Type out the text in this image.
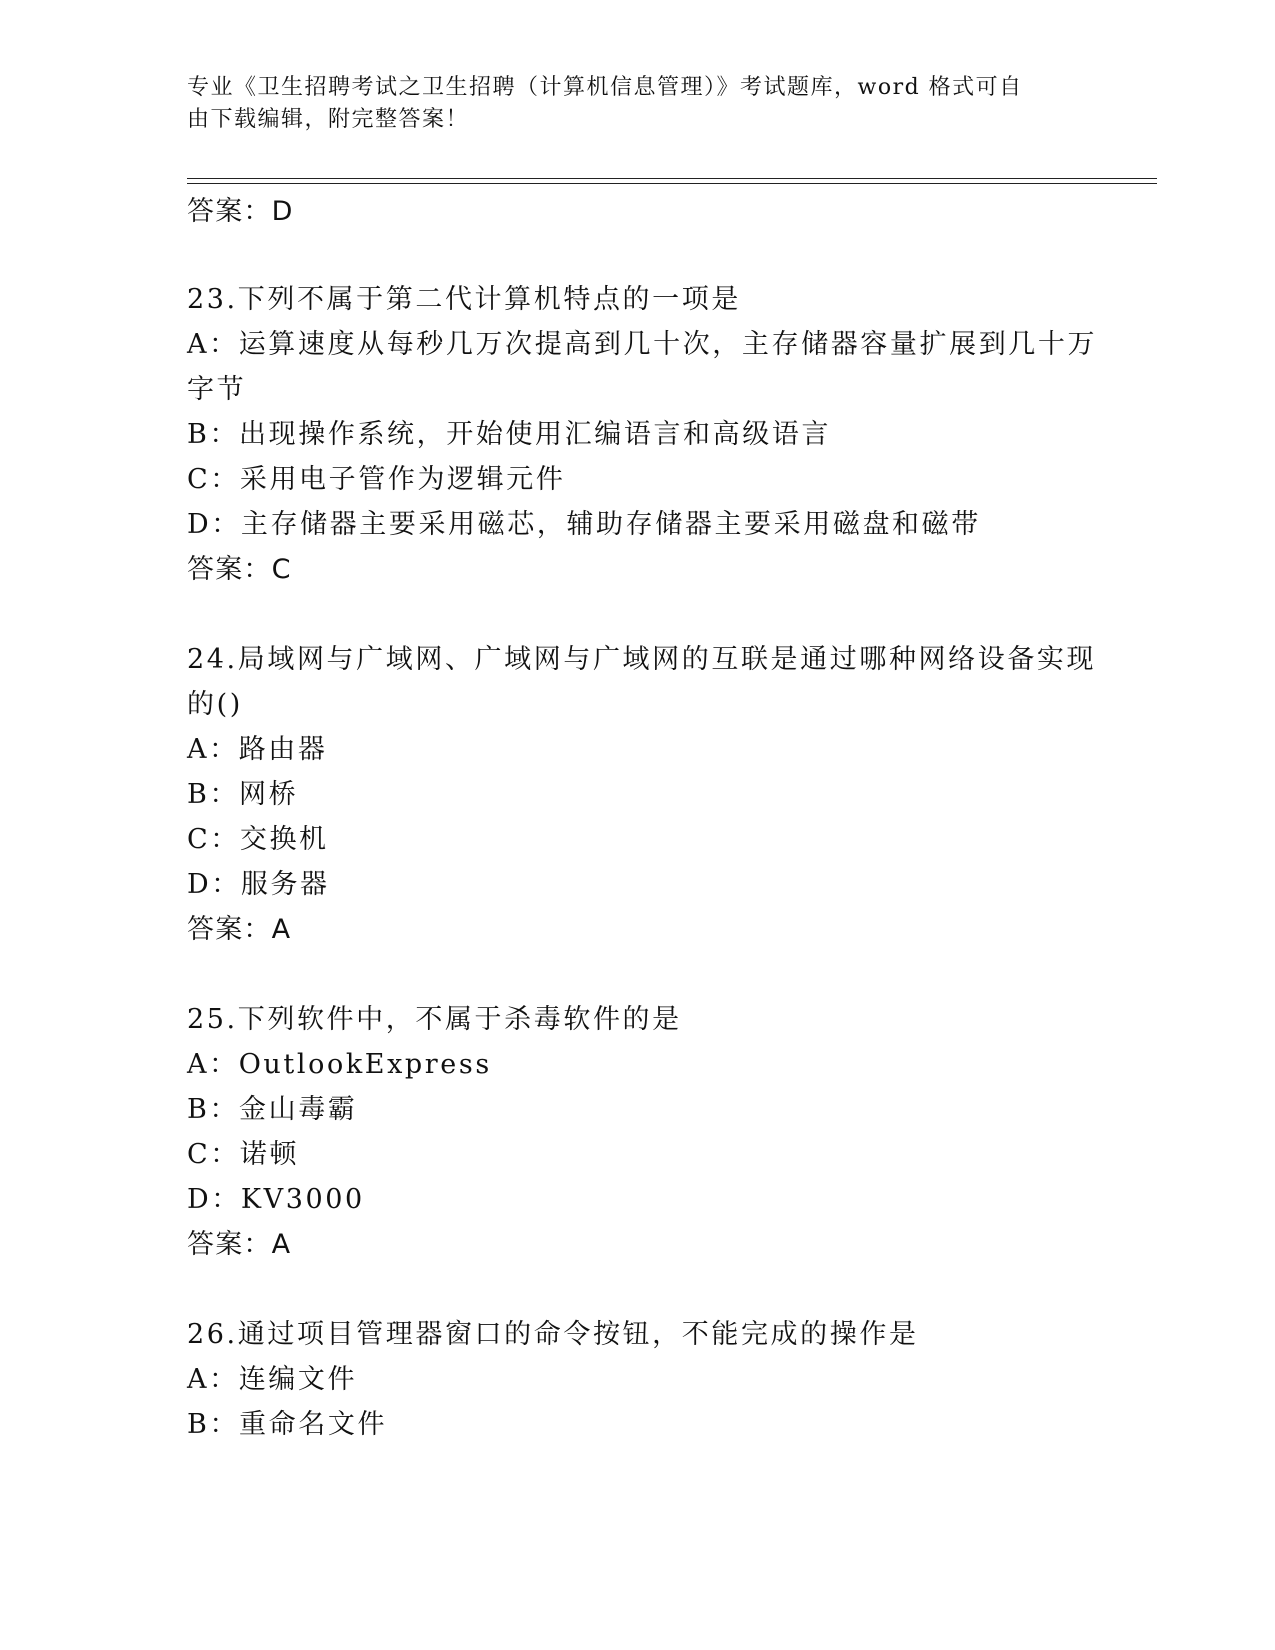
专业《卫生招聘考试之卫生招聘（计算机信息管理）》考试题库，word 格式可自
由下载编辑，附完整答案！
答案：D
23.下列不属于第二代计算机特点的一项是
A：运算速度从每秒几万次提高到几十次，主存储器容量扩展到几十万
字节
B：出现操作系统，开始使用汇编语言和高级语言
C：采用电子管作为逻辑元件
D：主存储器主要采用磁芯，辅助存储器主要采用磁盘和磁带
答案：C
24.局域网与广域网、广域网与广域网的互联是通过哪种网络设备实现
的()
A：路由器
B：网桥
C：交换机
D：服务器
答案：A
25.下列软件中，不属于杀毒软件的是
A：OutlookExpress
B：金山毒霸
C：诺顿
D：KV3000
答案：A
26.通过项目管理器窗口的命令按钮，不能完成的操作是
A：连编文件
B：重命名文件
